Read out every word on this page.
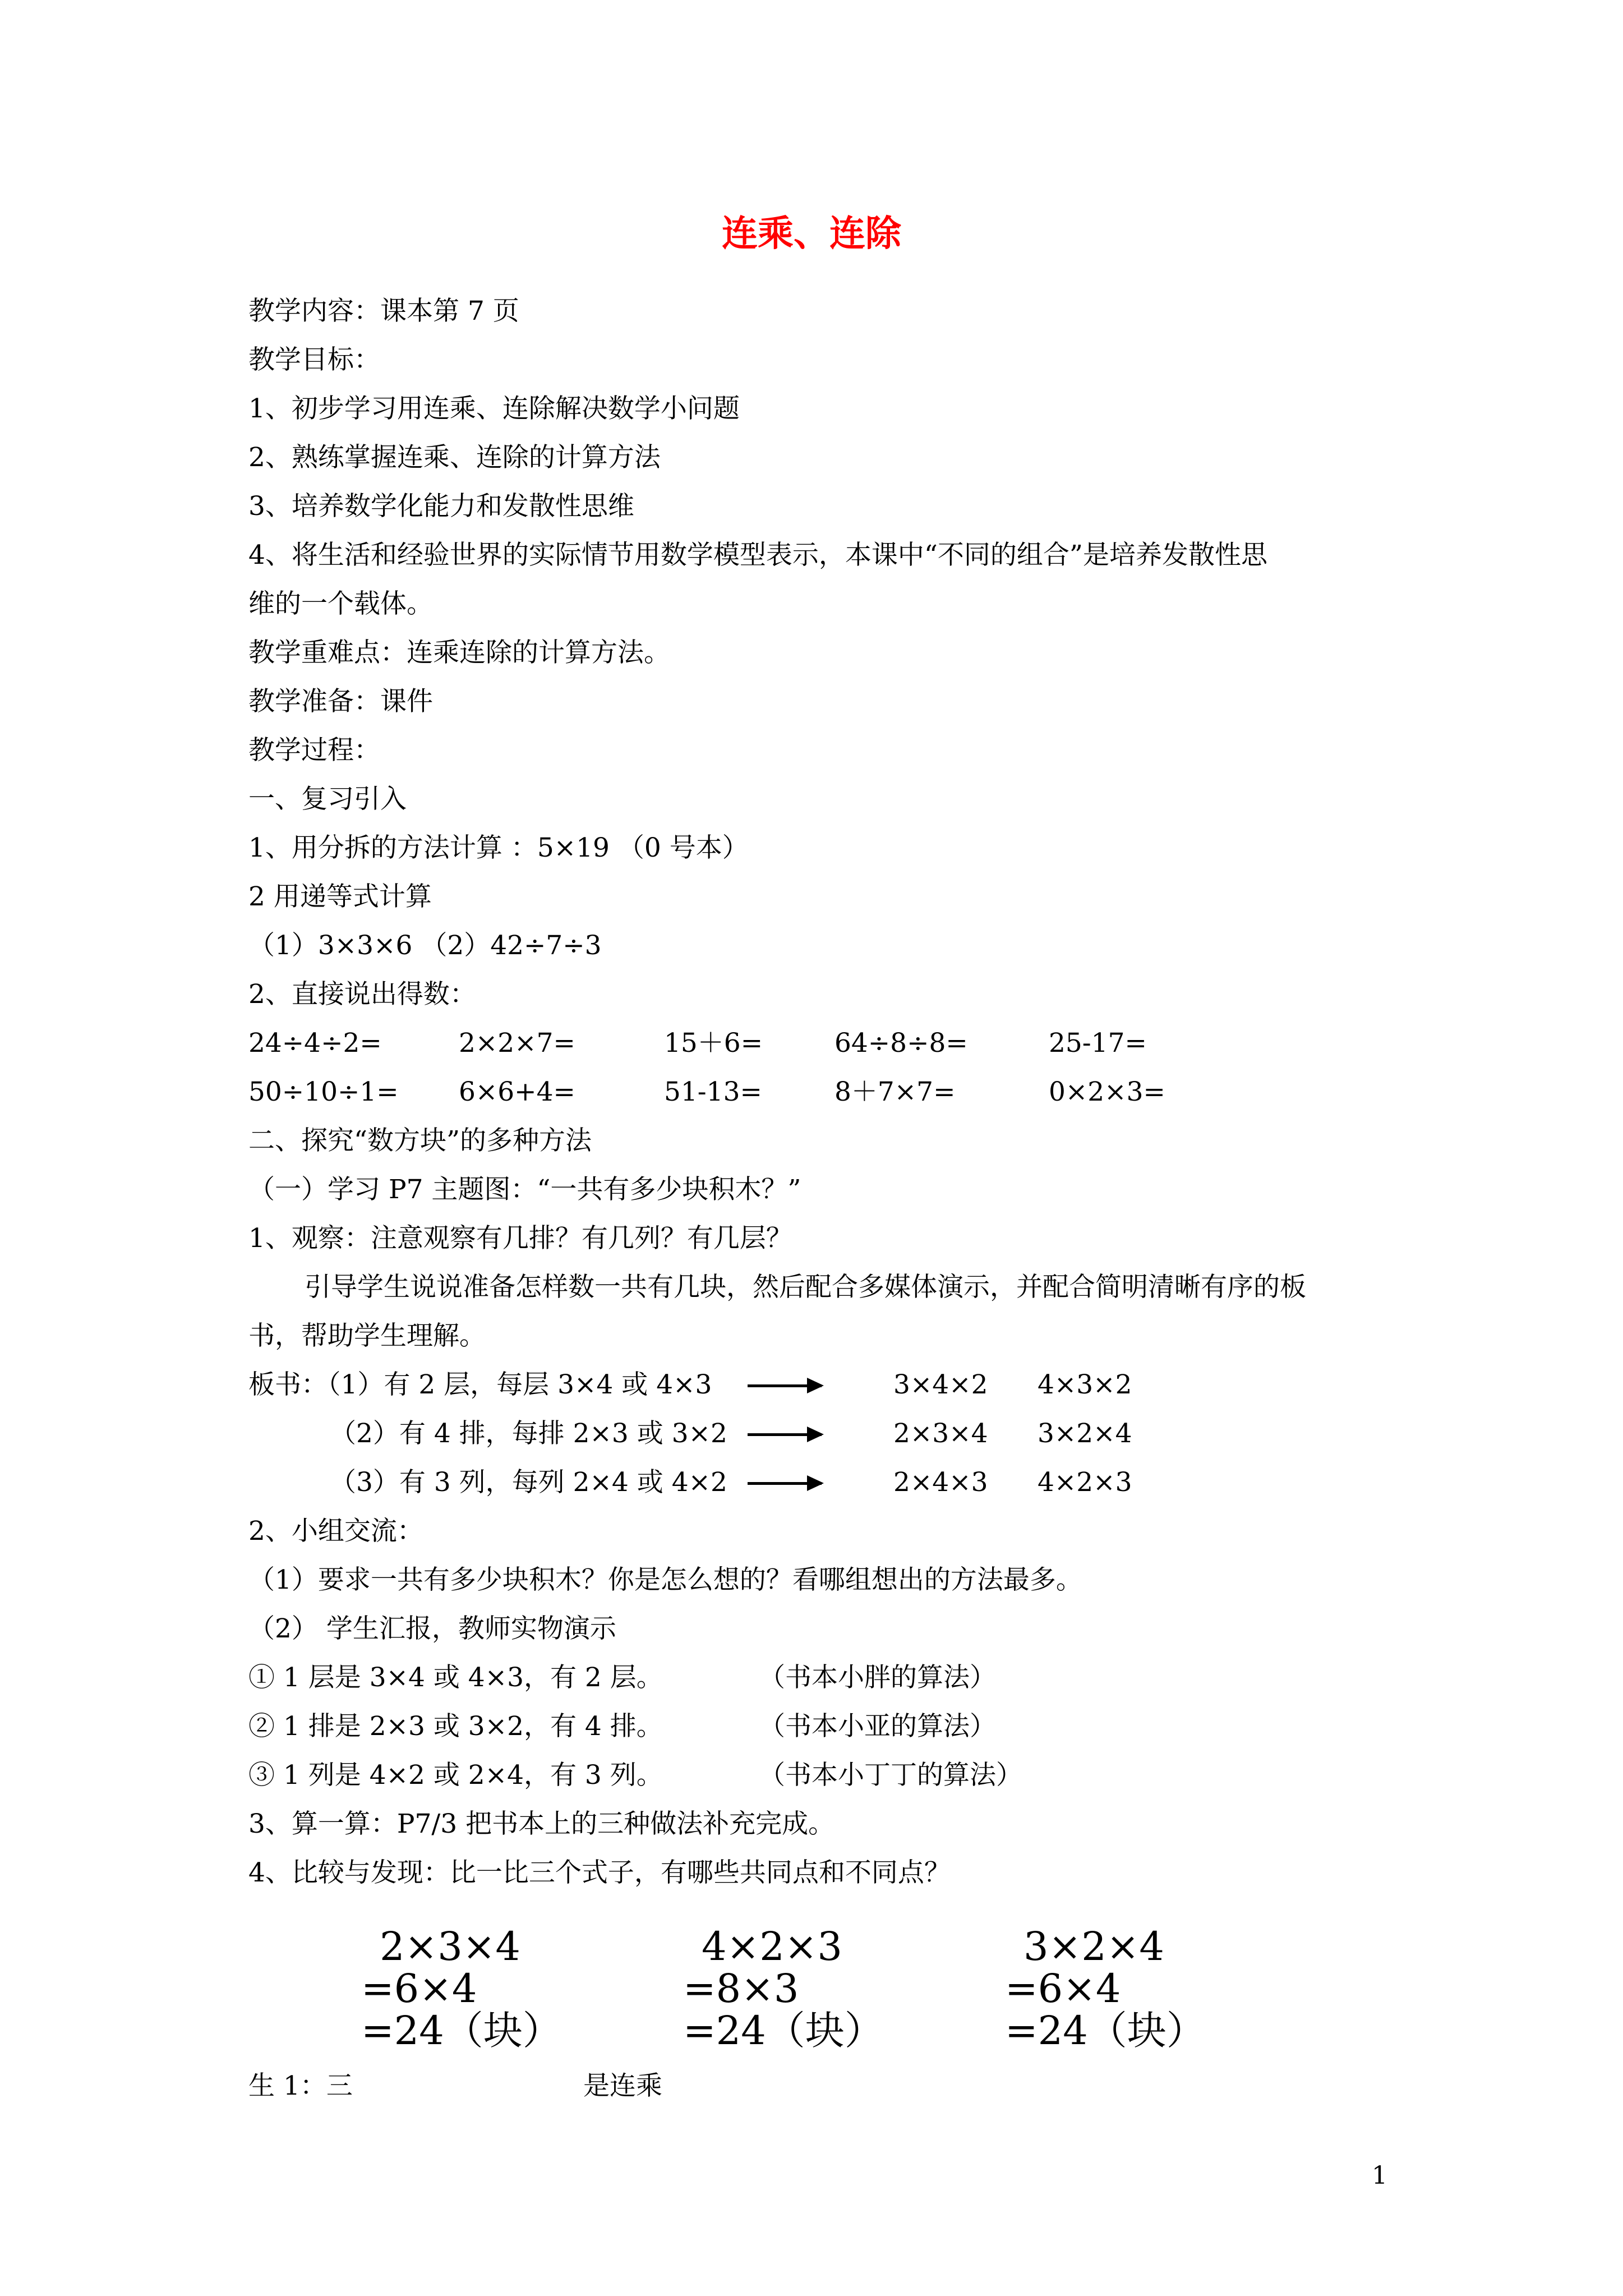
连乘、连除
教学内容：课本第 7 页
教学目标：
1、初步学习用连乘、连除解决数学小问题
2、熟练掌握连乘、连除的计算方法
3、培养数学化能力和发散性思维
4、将生活和经验世界的实际情节用数学模型表示，本课中“不同的组合”是培养发散性思
维的一个载体。
教学重难点：连乘连除的计算方法。
教学准备：课件
教学过程：
一、复习引入
1、用分拆的方法计算 ：5×19 （0 号本）
2 用递等式计算
（1）3×3×6 （2）42÷7÷3
2、直接说出得数：
24÷4÷2=	2×2×7=	15＋6=	64÷8÷8=	25-17=
50÷10÷1= 6×6+4=	51-13=	8＋7×7=	0×2×3=
二、探究“数方块”的多种方法
（一）学习 P7 主题图：“一共有多少块积木？”
1、观察：注意观察有几排？有几列？有几层？
引导学生说说准备怎样数一共有几块，然后配合多媒体演示，并配合简明清晰有序的板
书，帮助学生理解。
板书：（1）有 2 层，每层 3×4 或 4×3	3×4×2 4×3×2
（2）有 4 排，每排 2×3 或 3×2	2×3×4 3×2×4
（3）有 3 列，每列 2×4 或 4×2	2×4×3 4×2×3
2、小组交流：
（1）要求一共有多少块积木？你是怎么想的？看哪组想出的方法最多。
（2） 学生汇报，教师实物演示
① 1 层是 3×4 或 4×3，有 2 层。	（书本小胖的算法）
② 1 排是 2×3 或 3×2，有 4 排。	（书本小亚的算法）
③ 1 列是 4×2 或 2×4，有 3 列。	（书本小丁丁的算法）
3、算一算：P7/3 把书本上的三种做法补充完成。
4、比较与发现：比一比三个式子，有哪些共同点和不同点？
2×3×4
=6×4
=24（块）
4×2×3
=8×3
=24（块）
3×2×4
=6×4
=24（块）
生 1：三	是连乘
1
